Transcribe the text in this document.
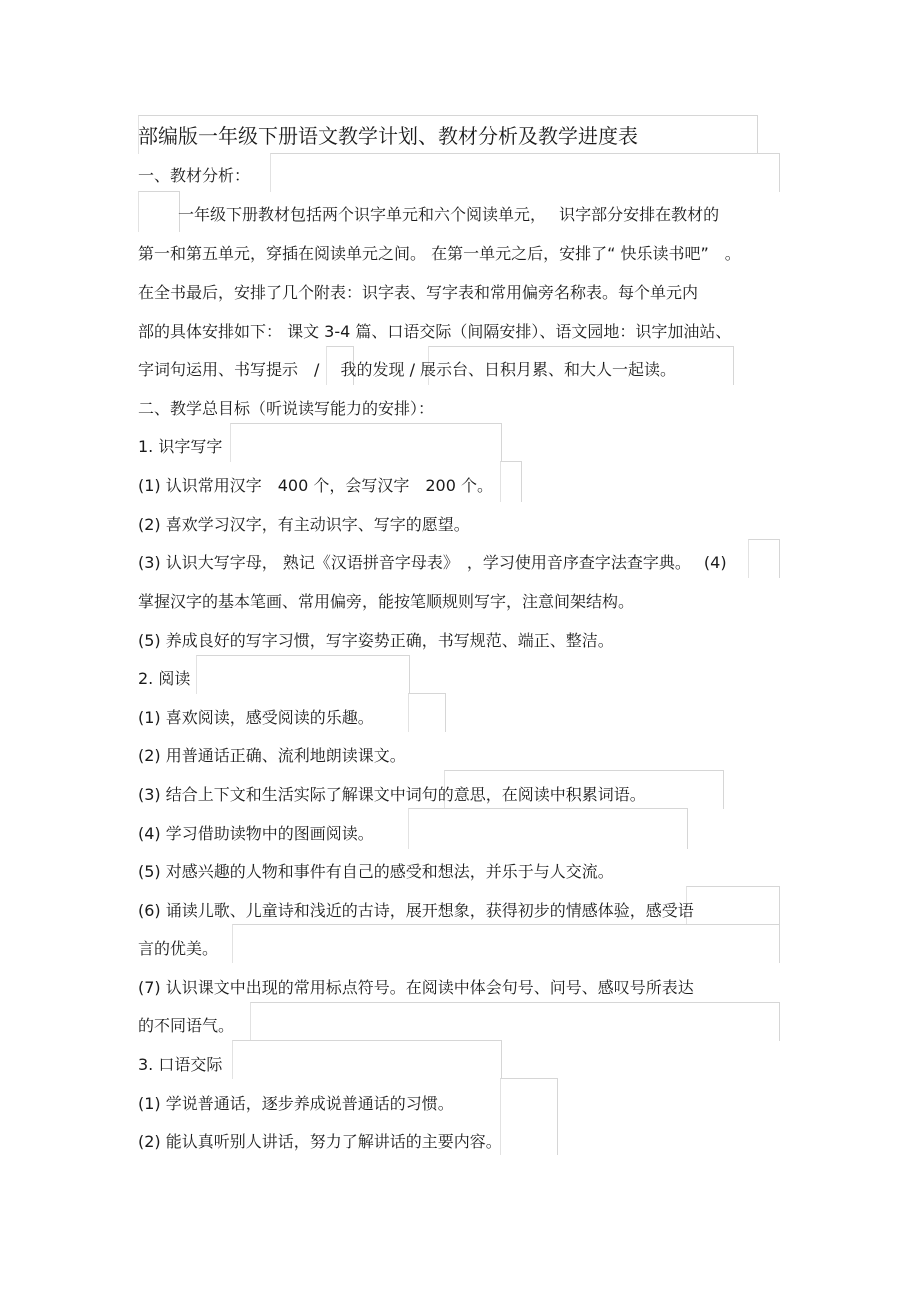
部编版一年级下册语文教学计划、教材分析及教学进度表
一、教材分析：
一年级下册教材包括两个识字单元和六个阅读单元，　 识字部分安排在教材的
第一和第五单元，穿插在阅读单元之间。 在第一单元之后，安排了“ 快乐读书吧”　。
在全书最后，安排了几个附表：识字表、写字表和常用偏旁名称表。每个单元内
部的具体安排如下： 课文 3-4 篇、口语交际（间隔安排）、语文园地：识字加油站、
字词句运用、书写提示　/　 我的发现 / 展示台、日积月累、和大人一起读。
二、教学总目标（听说读写能力的安排）：
1. 识字写字
(1) 认识常用汉字　400 个，会写汉字　200 个。
(2) 喜欢学习汉字，有主动识字、写字的愿望。
(3) 认识大写字母， 熟记《汉语拼音字母表》　，学习使用音序查字法查字典。　 (4)
掌握汉字的基本笔画、常用偏旁，能按笔顺规则写字，注意间架结构。
(5) 养成良好的写字习惯，写字姿势正确，书写规范、端正、整洁。
2. 阅读
(1) 喜欢阅读，感受阅读的乐趣。
(2) 用普通话正确、流利地朗读课文。
(3) 结合上下文和生活实际了解课文中词句的意思，在阅读中积累词语。
(4) 学习借助读物中的图画阅读。
(5) 对感兴趣的人物和事件有自己的感受和想法，并乐于与人交流。
(6) 诵读儿歌、儿童诗和浅近的古诗，展开想象，获得初步的情感体验，感受语
言的优美。
(7) 认识课文中出现的常用标点符号。在阅读中体会句号、问号、感叹号所表达
的不同语气。
3. 口语交际
(1) 学说普通话，逐步养成说普通话的习惯。
(2) 能认真听别人讲话，努力了解讲话的主要内容。
